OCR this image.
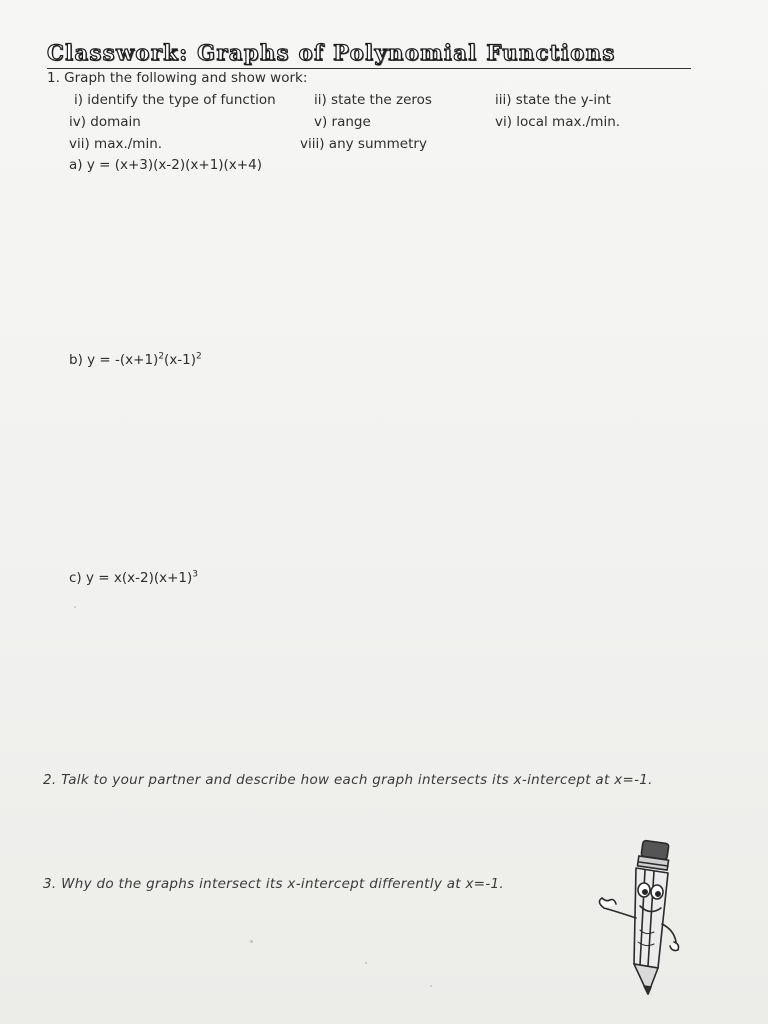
Classwork: Graphs of Polynomial Functions
1. Graph the following and show work:
i) identify the type of function	ii) state the zeros	iii) state the y-int
iv) domain	v) range	vi) local max./min.
vii) max./min.	viii) any summetry
a) y = (x+3)(x-2)(x+1)(x+4)
b) $y = -(x+1)^2(x-1)^2$
c) $y = x(x-2)(x+1)^3$
2. Talk to your partner and describe how each graph intersects its x-intercept at x=-1.
3. Why do the graphs intersect its x-intercept differently at x=-1.
